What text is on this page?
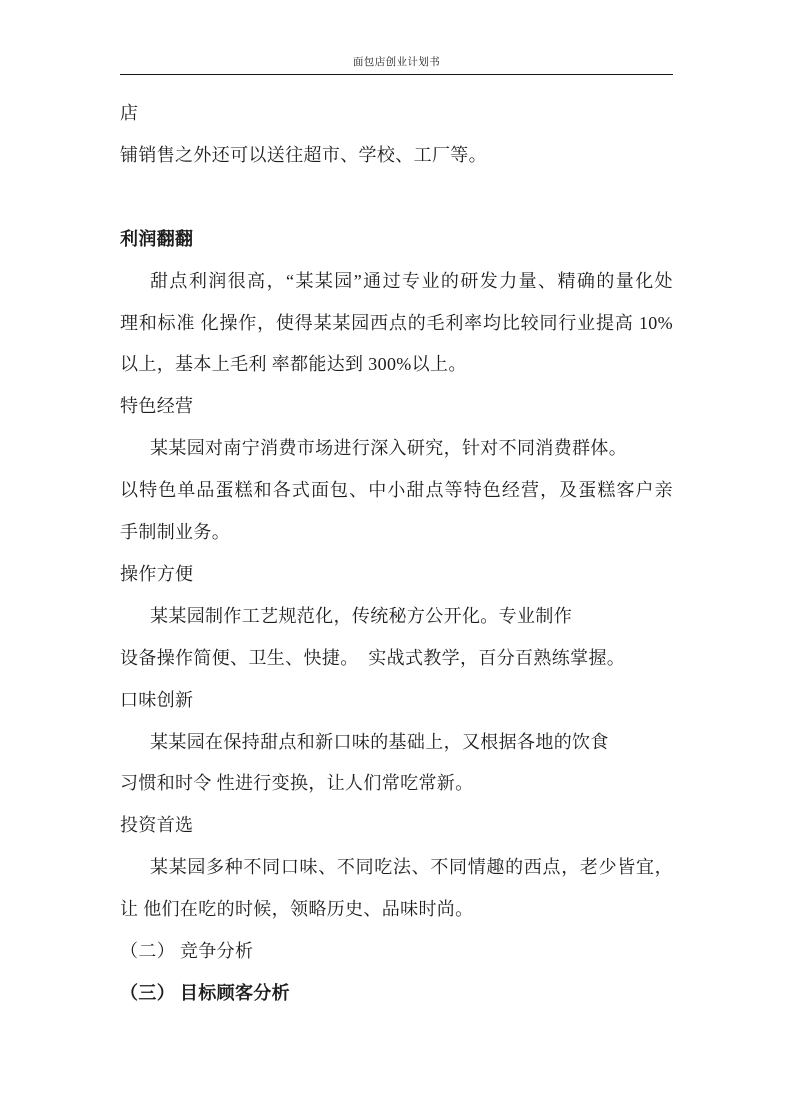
面包店创业计划书
店
铺销售之外还可以送往超市、学校、工厂等。
利润翻翻
甜点利润很高，“某某园”通过专业的研发力量、精确的量化处
理和标准 化操作，使得某某园西点的毛利率均比较同行业提高 10%
以上，基本上毛利 率都能达到 300%以上。
特色经营
某某园对南宁消费市场进行深入研究，针对不同消费群体。
以特色单品蛋糕和各式面包、中小甜点等特色经营，及蛋糕客户亲
手制制业务。
操作方便
某某园制作工艺规范化，传统秘方公开化。专业制作
设备操作简便、卫生、快捷。  实战式教学，百分百熟练掌握。
口味创新
某某园在保持甜点和新口味的基础上，又根据各地的饮食
习惯和时令 性进行变换，让人们常吃常新。
投资首选
某某园多种不同口味、不同吃法、不同情趣的西点，老少皆宜，
让 他们在吃的时候，领略历史、品味时尚。
（二） 竞争分析
（三） 目标顾客分析
